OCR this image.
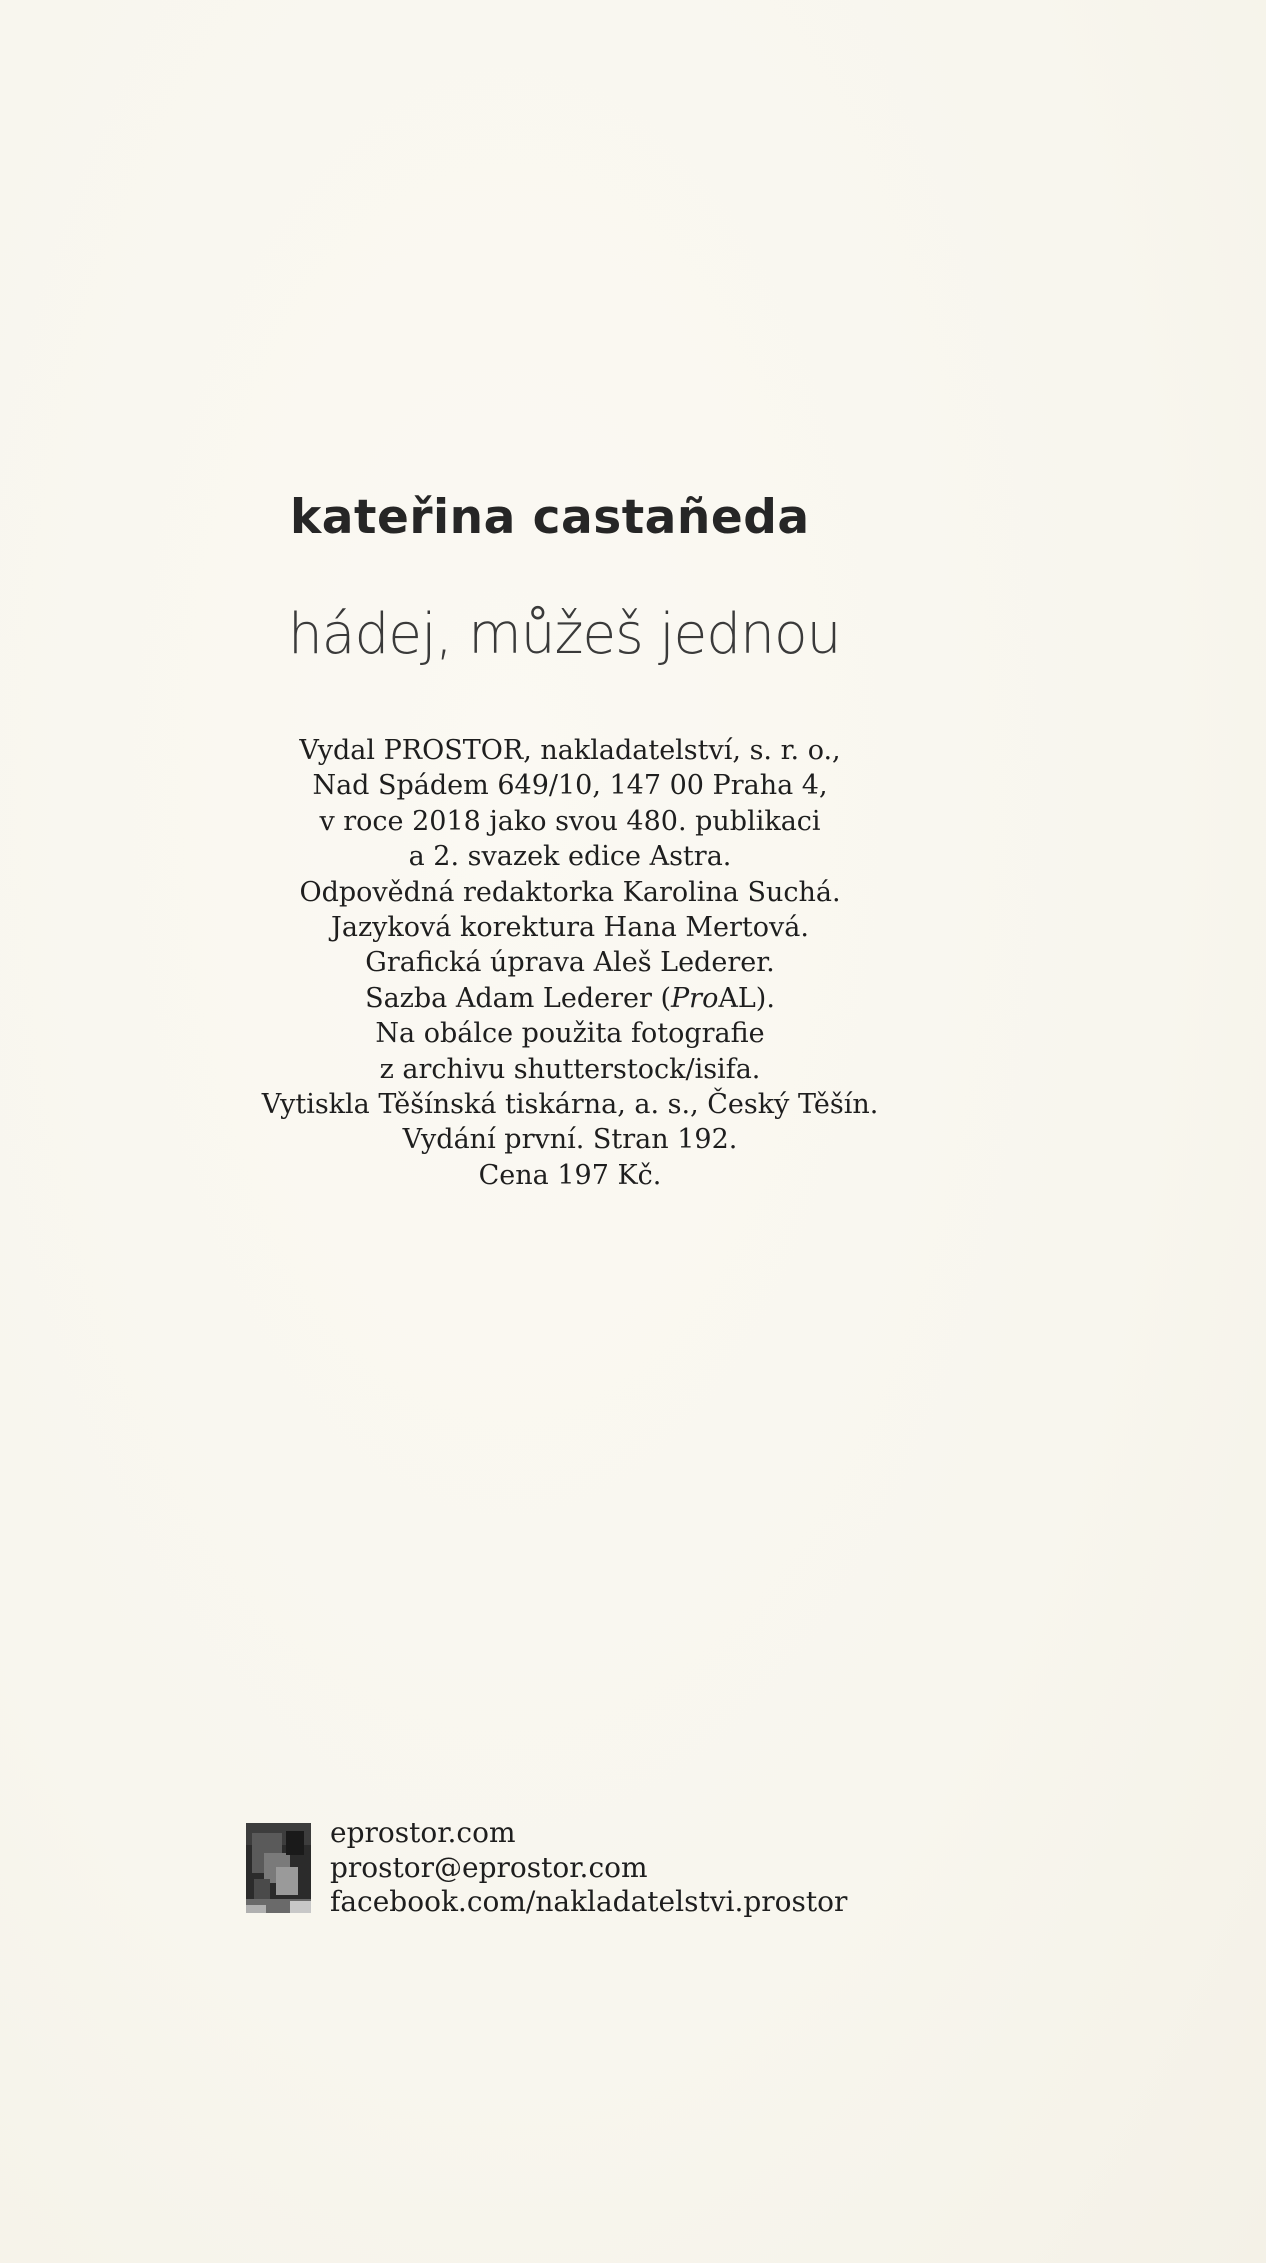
kateřina castañeda
hádej, můžeš jednou
Vydal PROSTOR, nakladatelství, s. r. o.,
Nad Spádem 649/10, 147 00 Praha 4,
v roce 2018 jako svou 480. publikaci
a 2. svazek edice Astra.
Odpovědná redaktorka Karolina Suchá.
Jazyková korektura Hana Mertová.
Grafická úprava Aleš Lederer.
Sazba Adam Lederer (ProAL).
Na obálce použita fotografie
z archivu shutterstock/isifa.
Vytiskla Těšínská tiskárna, a. s., Český Těšín.
Vydání první. Stran 192.
Cena 197 Kč.
eprostor.com
prostor@eprostor.com
facebook.com/nakladatelstvi.prostor
